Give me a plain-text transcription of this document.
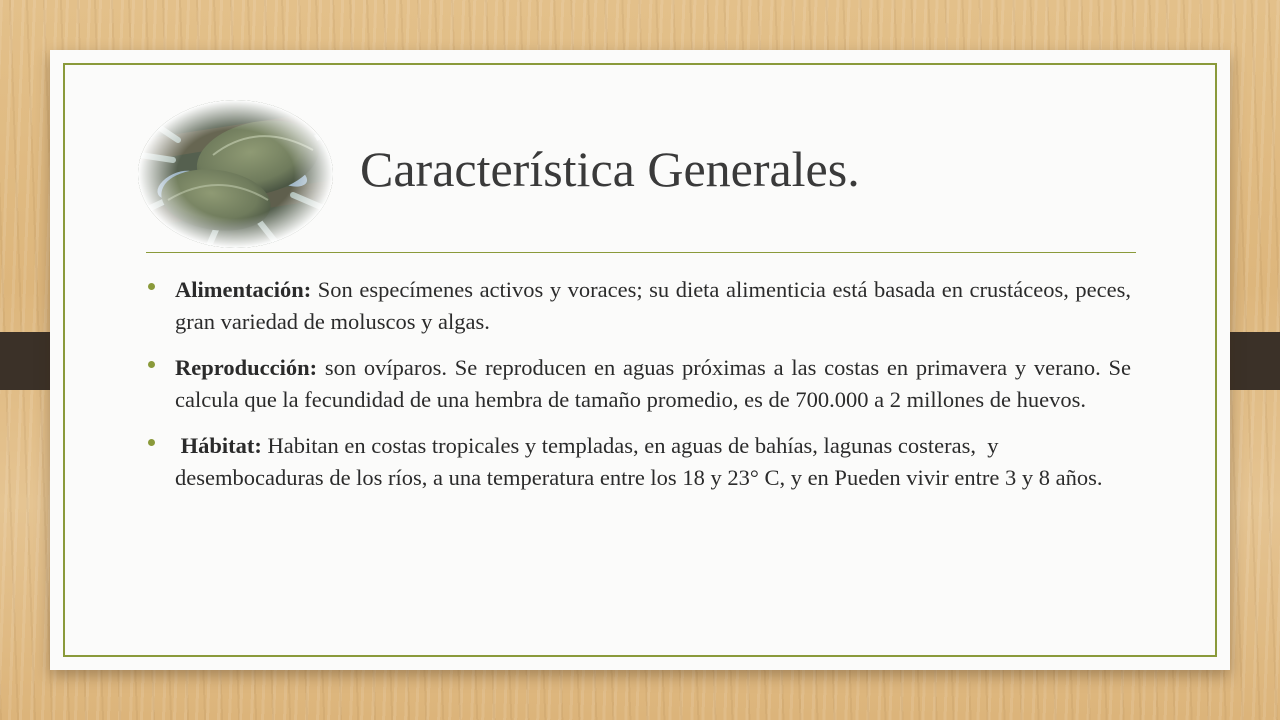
Característica Generales.
Alimentación: Son especímenes activos y voraces; su dieta alimenticia está basada en crustáceos, peces, gran variedad de moluscos y algas.
Reproducción: son ovíparos. Se reproducen en aguas próximas a las costas en primavera y verano. Se calcula que la fecundidad de una hembra de tamaño promedio, es de 700.000 a 2 millones de huevos.
Hábitat: Habitan en costas tropicales y templadas, en aguas de bahías, lagunas costeras,  y desembocaduras de los ríos, a una temperatura entre los 18 y 23° C, y en Pueden vivir entre 3 y 8 años.
